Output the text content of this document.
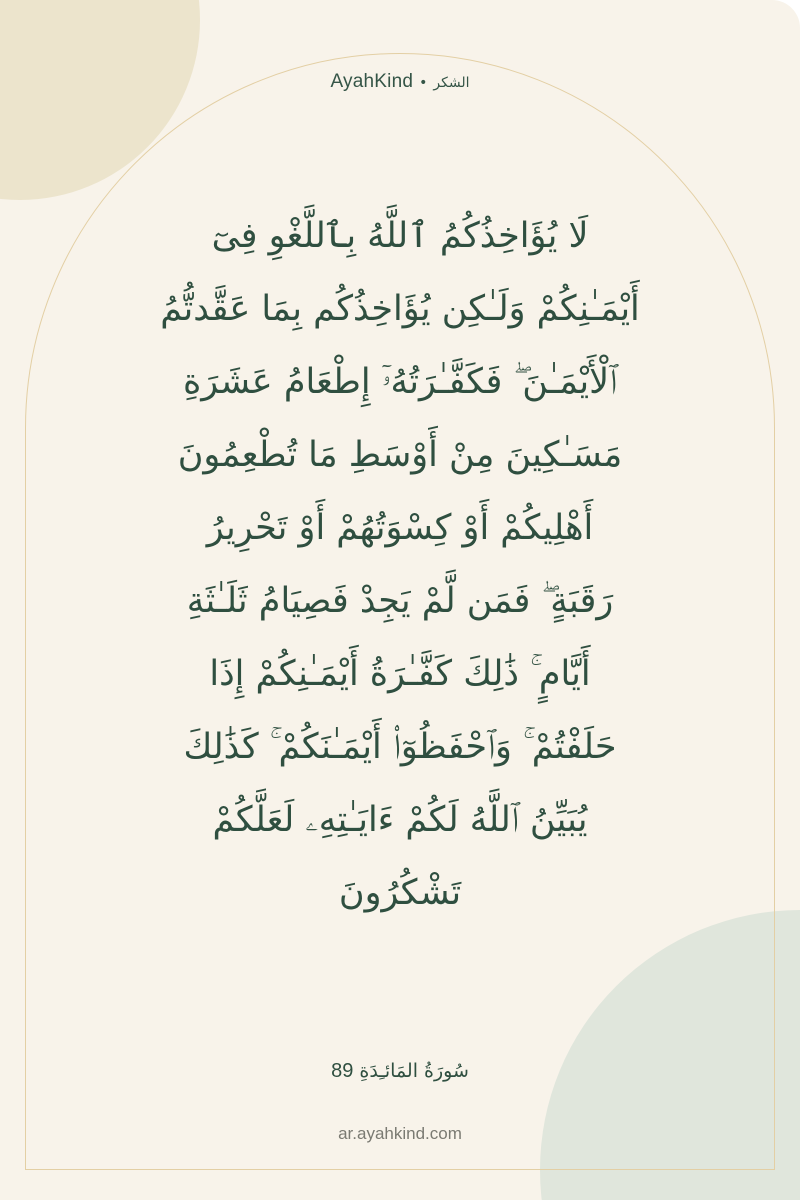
AyahKind • الشكر
لَا يُؤَاخِذُكُمُ ٱللَّهُ بِٱللَّغْوِ فِىٓ
أَيْمَـٰنِكُمْ وَلَـٰكِن يُؤَاخِذُكُم بِمَا عَقَّدتُّمُ
ٱلْأَيْمَـٰنَ ۖ فَكَفَّـٰرَتُهُۥٓ إِطْعَامُ عَشَرَةِ
مَسَـٰكِينَ مِنْ أَوْسَطِ مَا تُطْعِمُونَ
أَهْلِيكُمْ أَوْ كِسْوَتُهُمْ أَوْ تَحْرِيرُ
رَقَبَةٍ ۖ فَمَن لَّمْ يَجِدْ فَصِيَامُ ثَلَـٰثَةِ
أَيَّامٍ ۚ ذَٰلِكَ كَفَّـٰرَةُ أَيْمَـٰنِكُمْ إِذَا
حَلَفْتُمْ ۚ وَٱحْفَظُوٓا۟ أَيْمَـٰنَكُمْ ۚ كَذَٰلِكَ
يُبَيِّنُ ٱللَّهُ لَكُمْ ءَايَـٰتِهِۦ لَعَلَّكُمْ
تَشْكُرُونَ
سُورَةُ المَائـِدَةِ 89
ar.ayahkind.com
